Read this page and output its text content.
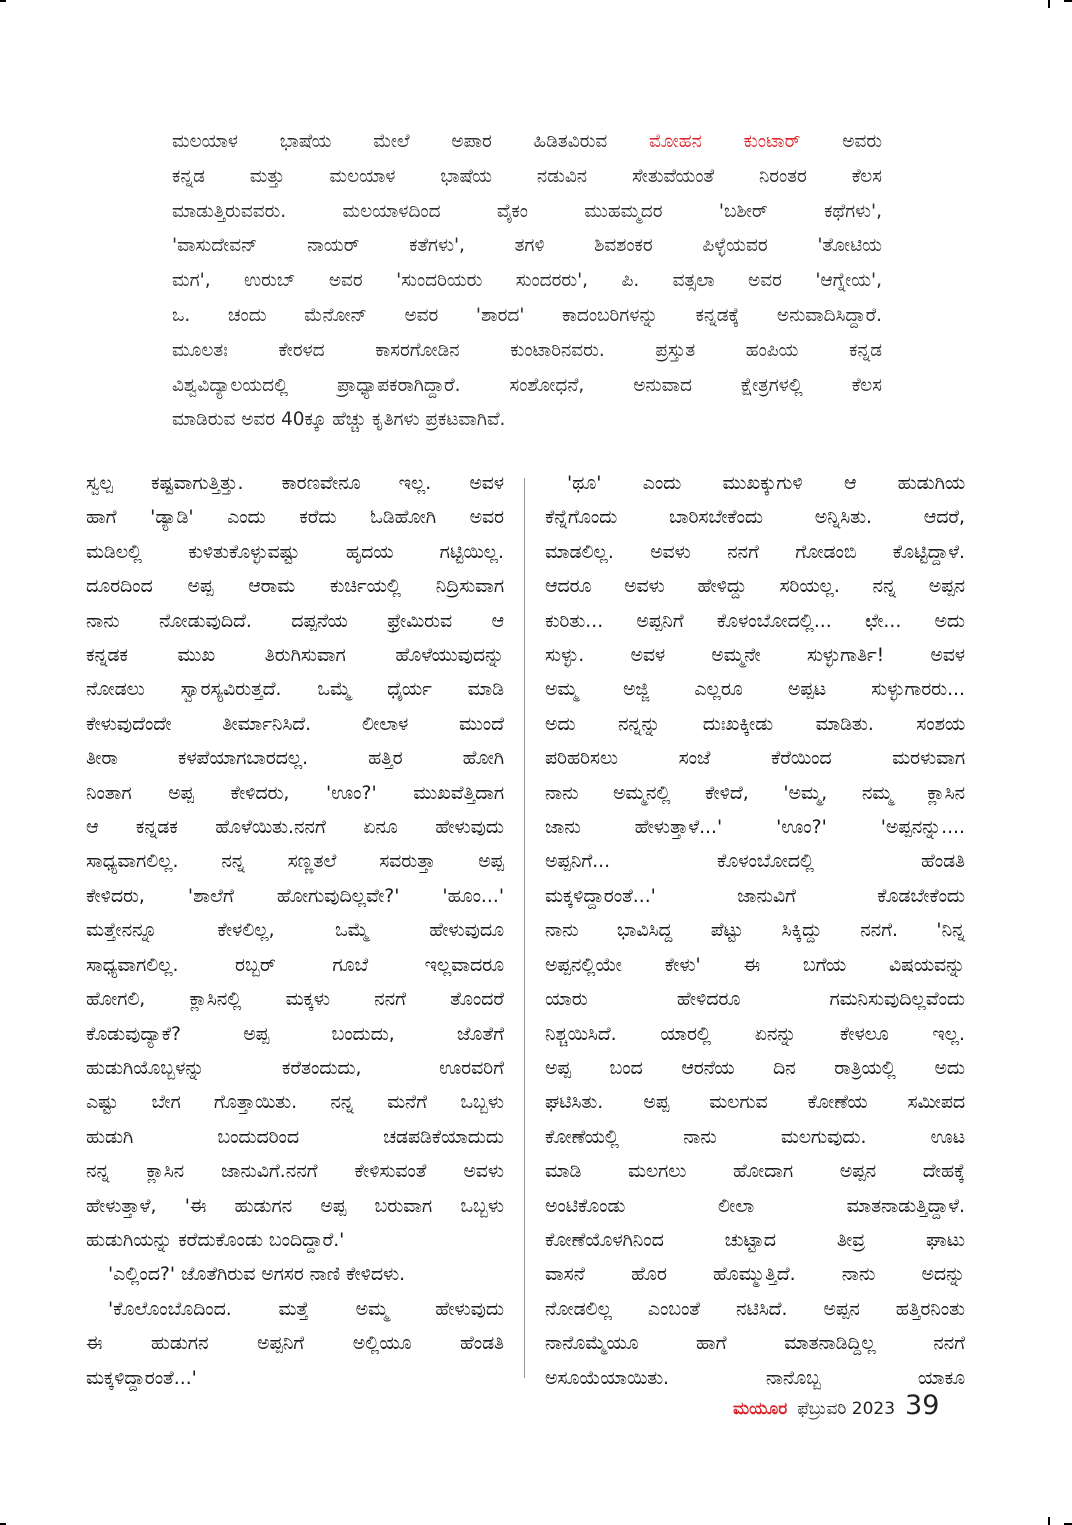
ಮಲಯಾಳ ಭಾಷೆಯ ಮೇಲೆ ಅಪಾರ ಹಿಡಿತವಿರುವ ಮೋಹನ ಕುಂಟಾರ್ ಅವರು
ಕನ್ನಡ ಮತ್ತು ಮಲಯಾಳ ಭಾಷೆಯ ನಡುವಿನ ಸೇತುವೆಯಂತೆ ನಿರಂತರ ಕೆಲಸ
ಮಾಡುತ್ತಿರುವವರು. ಮಲಯಾಳದಿಂದ ವೈಕಂ ಮುಹಮ್ಮದರ 'ಬಶೀರ್ ಕಥೆಗಳು',
'ವಾಸುದೇವನ್ ನಾಯರ್ ಕತೆಗಳು', ತಗಳಿ ಶಿವಶಂಕರ ಪಿಳ್ಳೆಯವರ 'ತೋಟಿಯ
ಮಗ', ಉರುಬ್ ಅವರ 'ಸುಂದರಿಯರು ಸುಂದರರು', ಪಿ. ವತ್ಸಲಾ ಅವರ 'ಆಗ್ನೇಯ',
ಒ. ಚಂದು ಮೆನೋನ್ ಅವರ 'ಶಾರದ' ಕಾದಂಬರಿಗಳನ್ನು ಕನ್ನಡಕ್ಕೆ ಅನುವಾದಿಸಿದ್ದಾರೆ.
ಮೂಲತಃ ಕೇರಳದ ಕಾಸರಗೋಡಿನ ಕುಂಟಾರಿನವರು. ಪ್ರಸ್ತುತ ಹಂಪಿಯ ಕನ್ನಡ
ವಿಶ್ವವಿದ್ಯಾಲಯದಲ್ಲಿ ಪ್ರಾಧ್ಯಾಪಕರಾಗಿದ್ದಾರೆ. ಸಂಶೋಧನೆ, ಅನುವಾದ ಕ್ಷೇತ್ರಗಳಲ್ಲಿ ಕೆಲಸ
ಮಾಡಿರುವ ಅವರ 40ಕ್ಕೂ ಹೆಚ್ಚು ಕೃತಿಗಳು ಪ್ರಕಟವಾಗಿವೆ.
ಸ್ವಲ್ಪ ಕಷ್ಟವಾಗುತ್ತಿತ್ತು. ಕಾರಣವೇನೂ ಇಲ್ಲ. ಅವಳ
ಹಾಗೆ 'ಡ್ಯಾಡಿ' ಎಂದು ಕರೆದು ಓಡಿಹೋಗಿ ಅವರ
ಮಡಿಲಲ್ಲಿ ಕುಳಿತುಕೊಳ್ಳುವಷ್ಟು ಹೃದಯ ಗಟ್ಟಿಯಿಲ್ಲ.
ದೂರದಿಂದ ಅಪ್ಪ ಆರಾಮ ಕುರ್ಚಿಯಲ್ಲಿ ನಿದ್ರಿಸುವಾಗ
ನಾನು ನೋಡುವುದಿದೆ. ದಪ್ಪನೆಯ ಫ್ರೇಮಿರುವ ಆ
ಕನ್ನಡಕ ಮುಖ ತಿರುಗಿಸುವಾಗ ಹೊಳೆಯುವುದನ್ನು
ನೋಡಲು ಸ್ವಾರಸ್ಯವಿರುತ್ತದೆ. ಒಮ್ಮೆ ಧೈರ್ಯ ಮಾಡಿ
ಕೇಳುವುದೆಂದೇ ತೀರ್ಮಾನಿಸಿದೆ. ಲೀಲಾಳ ಮುಂದೆ
ತೀರಾ ಕಳಪೆಯಾಗಬಾರದಲ್ಲ. ಹತ್ತಿರ ಹೋಗಿ
ನಿಂತಾಗ ಅಪ್ಪ ಕೇಳಿದರು, 'ಊಂ?' ಮುಖವೆತ್ತಿದಾಗ
ಆ ಕನ್ನಡಕ ಹೊಳೆಯಿತು.ನನಗೆ ಏನೂ ಹೇಳುವುದು
ಸಾಧ್ಯವಾಗಲಿಲ್ಲ. ನನ್ನ ಸಣ್ಣತಲೆ ಸವರುತ್ತಾ ಅಪ್ಪ
ಕೇಳಿದರು, 'ಶಾಲೆಗೆ ಹೋಗುವುದಿಲ್ಲವೇ?' 'ಹೂಂ...'
ಮತ್ತೇನನ್ನೂ ಕೇಳಲಿಲ್ಲ, ಒಮ್ಮೆ ಹೇಳುವುದೂ
ಸಾಧ್ಯವಾಗಲಿಲ್ಲ. ರಬ್ಬರ್ ಗೂಬೆ ಇಲ್ಲವಾದರೂ
ಹೋಗಲಿ, ಕ್ಲಾಸಿನಲ್ಲಿ ಮಕ್ಕಳು ನನಗೆ ತೊಂದರೆ
ಕೊಡುವುದ್ಯಾಕೆ? ಅಪ್ಪ ಬಂದುದು, ಜೊತೆಗೆ
ಹುಡುಗಿಯೊಬ್ಬಳನ್ನು ಕರೆತಂದುದು, ಊರವರಿಗೆ
ಎಷ್ಟು ಬೇಗ ಗೊತ್ತಾಯಿತು. ನನ್ನ ಮನೆಗೆ ಒಬ್ಬಳು
ಹುಡುಗಿ ಬಂದುದರಿಂದ ಚಡಪಡಿಕೆಯಾದುದು
ನನ್ನ ಕ್ಲಾಸಿನ ಜಾನುವಿಗೆ.ನನಗೆ ಕೇಳಿಸುವಂತೆ ಅವಳು
ಹೇಳುತ್ತಾಳೆ, 'ಈ ಹುಡುಗನ ಅಪ್ಪ ಬರುವಾಗ ಒಬ್ಬಳು
ಹುಡುಗಿಯನ್ನು ಕರೆದುಕೊಂಡು ಬಂದಿದ್ದಾರೆ.'
'ಎಲ್ಲಿಂದ?' ಜೊತೆಗಿರುವ ಅಗಸರ ನಾಣಿ ಕೇಳಿದಳು.
'ಕೊಲೊಂಬೊದಿಂದ. ಮತ್ತೆ ಅಮ್ಮ ಹೇಳುವುದು
ಈ ಹುಡುಗನ ಅಪ್ಪನಿಗೆ ಅಲ್ಲಿಯೂ ಹೆಂಡತಿ
ಮಕ್ಕಳಿದ್ದಾರಂತೆ...'
'ಥೂ' ಎಂದು ಮುಖಕ್ಕುಗುಳಿ ಆ ಹುಡುಗಿಯ
ಕೆನ್ನೆಗೊಂದು ಬಾರಿಸಬೇಕೆಂದು ಅನ್ನಿಸಿತು. ಆದರೆ,
ಮಾಡಲಿಲ್ಲ. ಅವಳು ನನಗೆ ಗೋಡಂಬಿ ಕೊಟ್ಟಿದ್ದಾಳೆ.
ಆದರೂ ಅವಳು ಹೇಳಿದ್ದು ಸರಿಯಲ್ಲ. ನನ್ನ ಅಪ್ಪನ
ಕುರಿತು... ಅಪ್ಪನಿಗೆ ಕೊಳಂಬೋದಲ್ಲಿ... ಛೇ... ಅದು
ಸುಳ್ಳು. ಅವಳ ಅಮ್ಮನೇ ಸುಳ್ಳುಗಾರ್ತಿ! ಅವಳ
ಅಮ್ಮ ಅಜ್ಜಿ ಎಲ್ಲರೂ ಅಪ್ಪಟ ಸುಳ್ಳುಗಾರರು...
ಅದು ನನ್ನನ್ನು ದುಃಖಕ್ಕೀಡು ಮಾಡಿತು. ಸಂಶಯ
ಪರಿಹರಿಸಲು ಸಂಜೆ ಕೆರೆಯಿಂದ ಮರಳುವಾಗ
ನಾನು ಅಮ್ಮನಲ್ಲಿ ಕೇಳಿದೆ, 'ಅಮ್ಮ, ನಮ್ಮ ಕ್ಲಾಸಿನ
ಜಾನು ಹೇಳುತ್ತಾಳೆ...' 'ಊಂ?' 'ಅಪ್ಪನನ್ನು....
ಅಪ್ಪನಿಗೆ... ಕೊಳಂಬೋದಲ್ಲಿ ಹೆಂಡತಿ
ಮಕ್ಕಳಿದ್ದಾರಂತೆ...' ಜಾನುವಿಗೆ ಕೊಡಬೇಕೆಂದು
ನಾನು ಭಾವಿಸಿದ್ದ ಪೆಟ್ಟು ಸಿಕ್ಕಿದ್ದು ನನಗೆ. 'ನಿನ್ನ
ಅಪ್ಪನಲ್ಲಿಯೇ ಕೇಳು' ಈ ಬಗೆಯ ವಿಷಯವನ್ನು
ಯಾರು ಹೇಳಿದರೂ ಗಮನಿಸುವುದಿಲ್ಲವೆಂದು
ನಿಶ್ಚಯಿಸಿದೆ. ಯಾರಲ್ಲಿ ಏನನ್ನು ಕೇಳಲೂ ಇಲ್ಲ.
ಅಪ್ಪ ಬಂದ ಆರನೆಯ ದಿನ ರಾತ್ರಿಯಲ್ಲಿ ಅದು
ಘಟಿಸಿತು. ಅಪ್ಪ ಮಲಗುವ ಕೋಣೆಯ ಸಮೀಪದ
ಕೋಣೆಯಲ್ಲಿ ನಾನು ಮಲಗುವುದು. ಊಟ
ಮಾಡಿ ಮಲಗಲು ಹೋದಾಗ ಅಪ್ಪನ ದೇಹಕ್ಕೆ
ಅಂಟಿಕೊಂಡು ಲೀಲಾ ಮಾತನಾಡುತ್ತಿದ್ದಾಳೆ.
ಕೋಣೆಯೊಳಗಿನಿಂದ ಚುಟ್ಟಾದ ತೀವ್ರ ಘಾಟು
ವಾಸನೆ ಹೊರ ಹೊಮ್ಮುತ್ತಿದೆ. ನಾನು ಅದನ್ನು
ನೋಡಲಿಲ್ಲ ಎಂಬಂತೆ ನಟಿಸಿದೆ. ಅಪ್ಪನ ಹತ್ತಿರನಿಂತು
ನಾನೊಮ್ಮೆಯೂ ಹಾಗೆ ಮಾತನಾಡಿದ್ದಿಲ್ಲ ನನಗೆ
ಅಸೂಯೆಯಾಯಿತು. ನಾನೊಬ್ಬ ಯಾಕೂ
ಮಯೂರ ಫೆಬ್ರುವರಿ 2023 39
